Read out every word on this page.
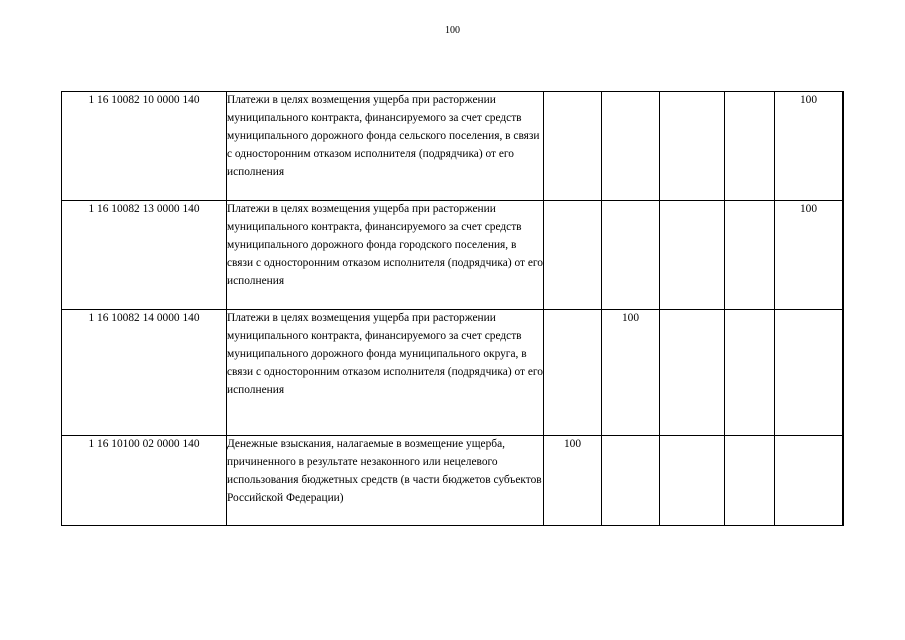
100
1 16 10082 10 0000 140	Платежи в целях возмещения ущерба при расторжении муниципального контракта, финансируемого за счет средств муниципального дорожного фонда сельского поселения, в связи с односторонним отказом исполнителя (подрядчика) от его исполнения					100	
1 16 10082 13 0000 140	Платежи в целях возмещения ущерба при расторжении муниципального контракта, финансируемого за счет средств муниципального дорожного фонда городского поселения, в связи с односторонним отказом исполнителя (подрядчика) от его исполнения					100	
1 16 10082 14 0000 140	Платежи в целях возмещения ущерба при расторжении муниципального контракта, финансируемого за счет средств муниципального дорожного фонда муниципального округа, в связи с односторонним отказом исполнителя (подрядчика) от его исполнения		100				
1 16 10100 02 0000 140	Денежные взыскания, налагаемые в возмещение ущерба, причиненного в результате незаконного или нецелевого использования бюджетных средств (в части бюджетов субъектов Российской Федерации)	100					
